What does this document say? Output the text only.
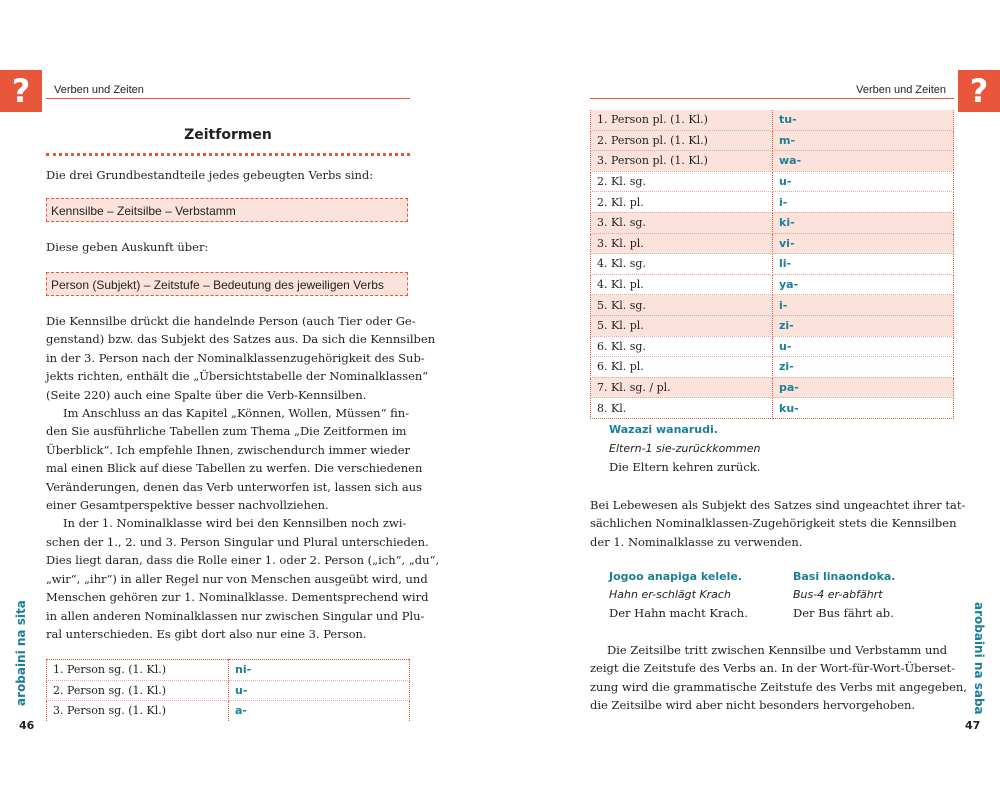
?	Verben und Zeiten
Zeitformen
Die drei Grundbestandteile jedes gebeugten Verbs sind:
Kennsilbe – Zeitsilbe – Verbstamm
Diese geben Auskunft über:
Person (Subjekt) – Zeitstufe – Bedeutung des jeweiligen Verbs
Die Kennsilbe drückt die handelnde Person (auch Tier oder Ge-
genstand) bzw. das Subjekt des Satzes aus. Da sich die Kennsilben
in der 3. Person nach der Nominalklassenzugehörigkeit des Sub-
jekts richten, enthält die „Übersichtstabelle der Nominalklassen“
(Seite 220) auch eine Spalte über die Verb-Kennsilben.
Im Anschluss an das Kapitel „Können, Wollen, Müssen“ fin-
den Sie ausführliche Tabellen zum Thema „Die Zeitformen im
Überblick“. Ich empfehle Ihnen, zwischendurch immer wieder
mal einen Blick auf diese Tabellen zu werfen. Die verschiedenen
Veränderungen, denen das Verb unterworfen ist, lassen sich aus
einer Gesamtperspektive besser nachvollziehen.
In der 1. Nominalklasse wird bei den Kennsilben noch zwi-
schen der 1., 2. und 3. Person Singular und Plural unterschieden.
Dies liegt daran, dass die Rolle einer 1. oder 2. Person („ich“, „du“,
„wir“, „ihr“) in aller Regel nur von Menschen ausgeübt wird, und
Menschen gehören zur 1. Nominalklasse. Dementsprechend wird
in allen anderen Nominalklassen nur zwischen Singular und Plu-
ral unterschieden. Es gibt dort also nur eine 3. Person.
1. Person sg. (1. Kl.)	ni-
2. Person sg. (1. Kl.)	u-
3. Person sg. (1. Kl.)	a-
arobaini na sita
46
?
Verben und Zeiten
1. Person pl. (1. Kl.)	tu-
2. Person pl. (1. Kl.)	m-
3. Person pl. (1. Kl.)	wa-
2. Kl. sg.	u-
2. Kl. pl.	i-
3. Kl. sg.	ki-
3. Kl. pl.	vi-
4. Kl. sg.	li-
4. Kl. pl.	ya-
5. Kl. sg.	i-
5. Kl. pl.	zi-
6. Kl. sg.	u-
6. Kl. pl.	zi-
7. Kl. sg. / pl.	pa-
8. Kl.	ku-
Wazazi wanarudi.
Eltern-1 sie-zurückkommen
Die Eltern kehren zurück.
Bei Lebewesen als Subjekt des Satzes sind ungeachtet ihrer tat-
sächlichen Nominalklassen-Zugehörigkeit stets die Kennsilben
der 1. Nominalklasse zu verwenden.
Jogoo anapiga kelele.
Hahn er-schlägt Krach
Der Hahn macht Krach.
Basi linaondoka.
Bus-4 er-abfährt
Der Bus fährt ab.
Die Zeitsilbe tritt zwischen Kennsilbe und Verbstamm und
zeigt die Zeitstufe des Verbs an. In der Wort-für-Wort-Überset-
zung wird die grammatische Zeitstufe des Verbs mit angegeben,
die Zeitsilbe wird aber nicht besonders hervorgehoben.	arobaini na saba
47
